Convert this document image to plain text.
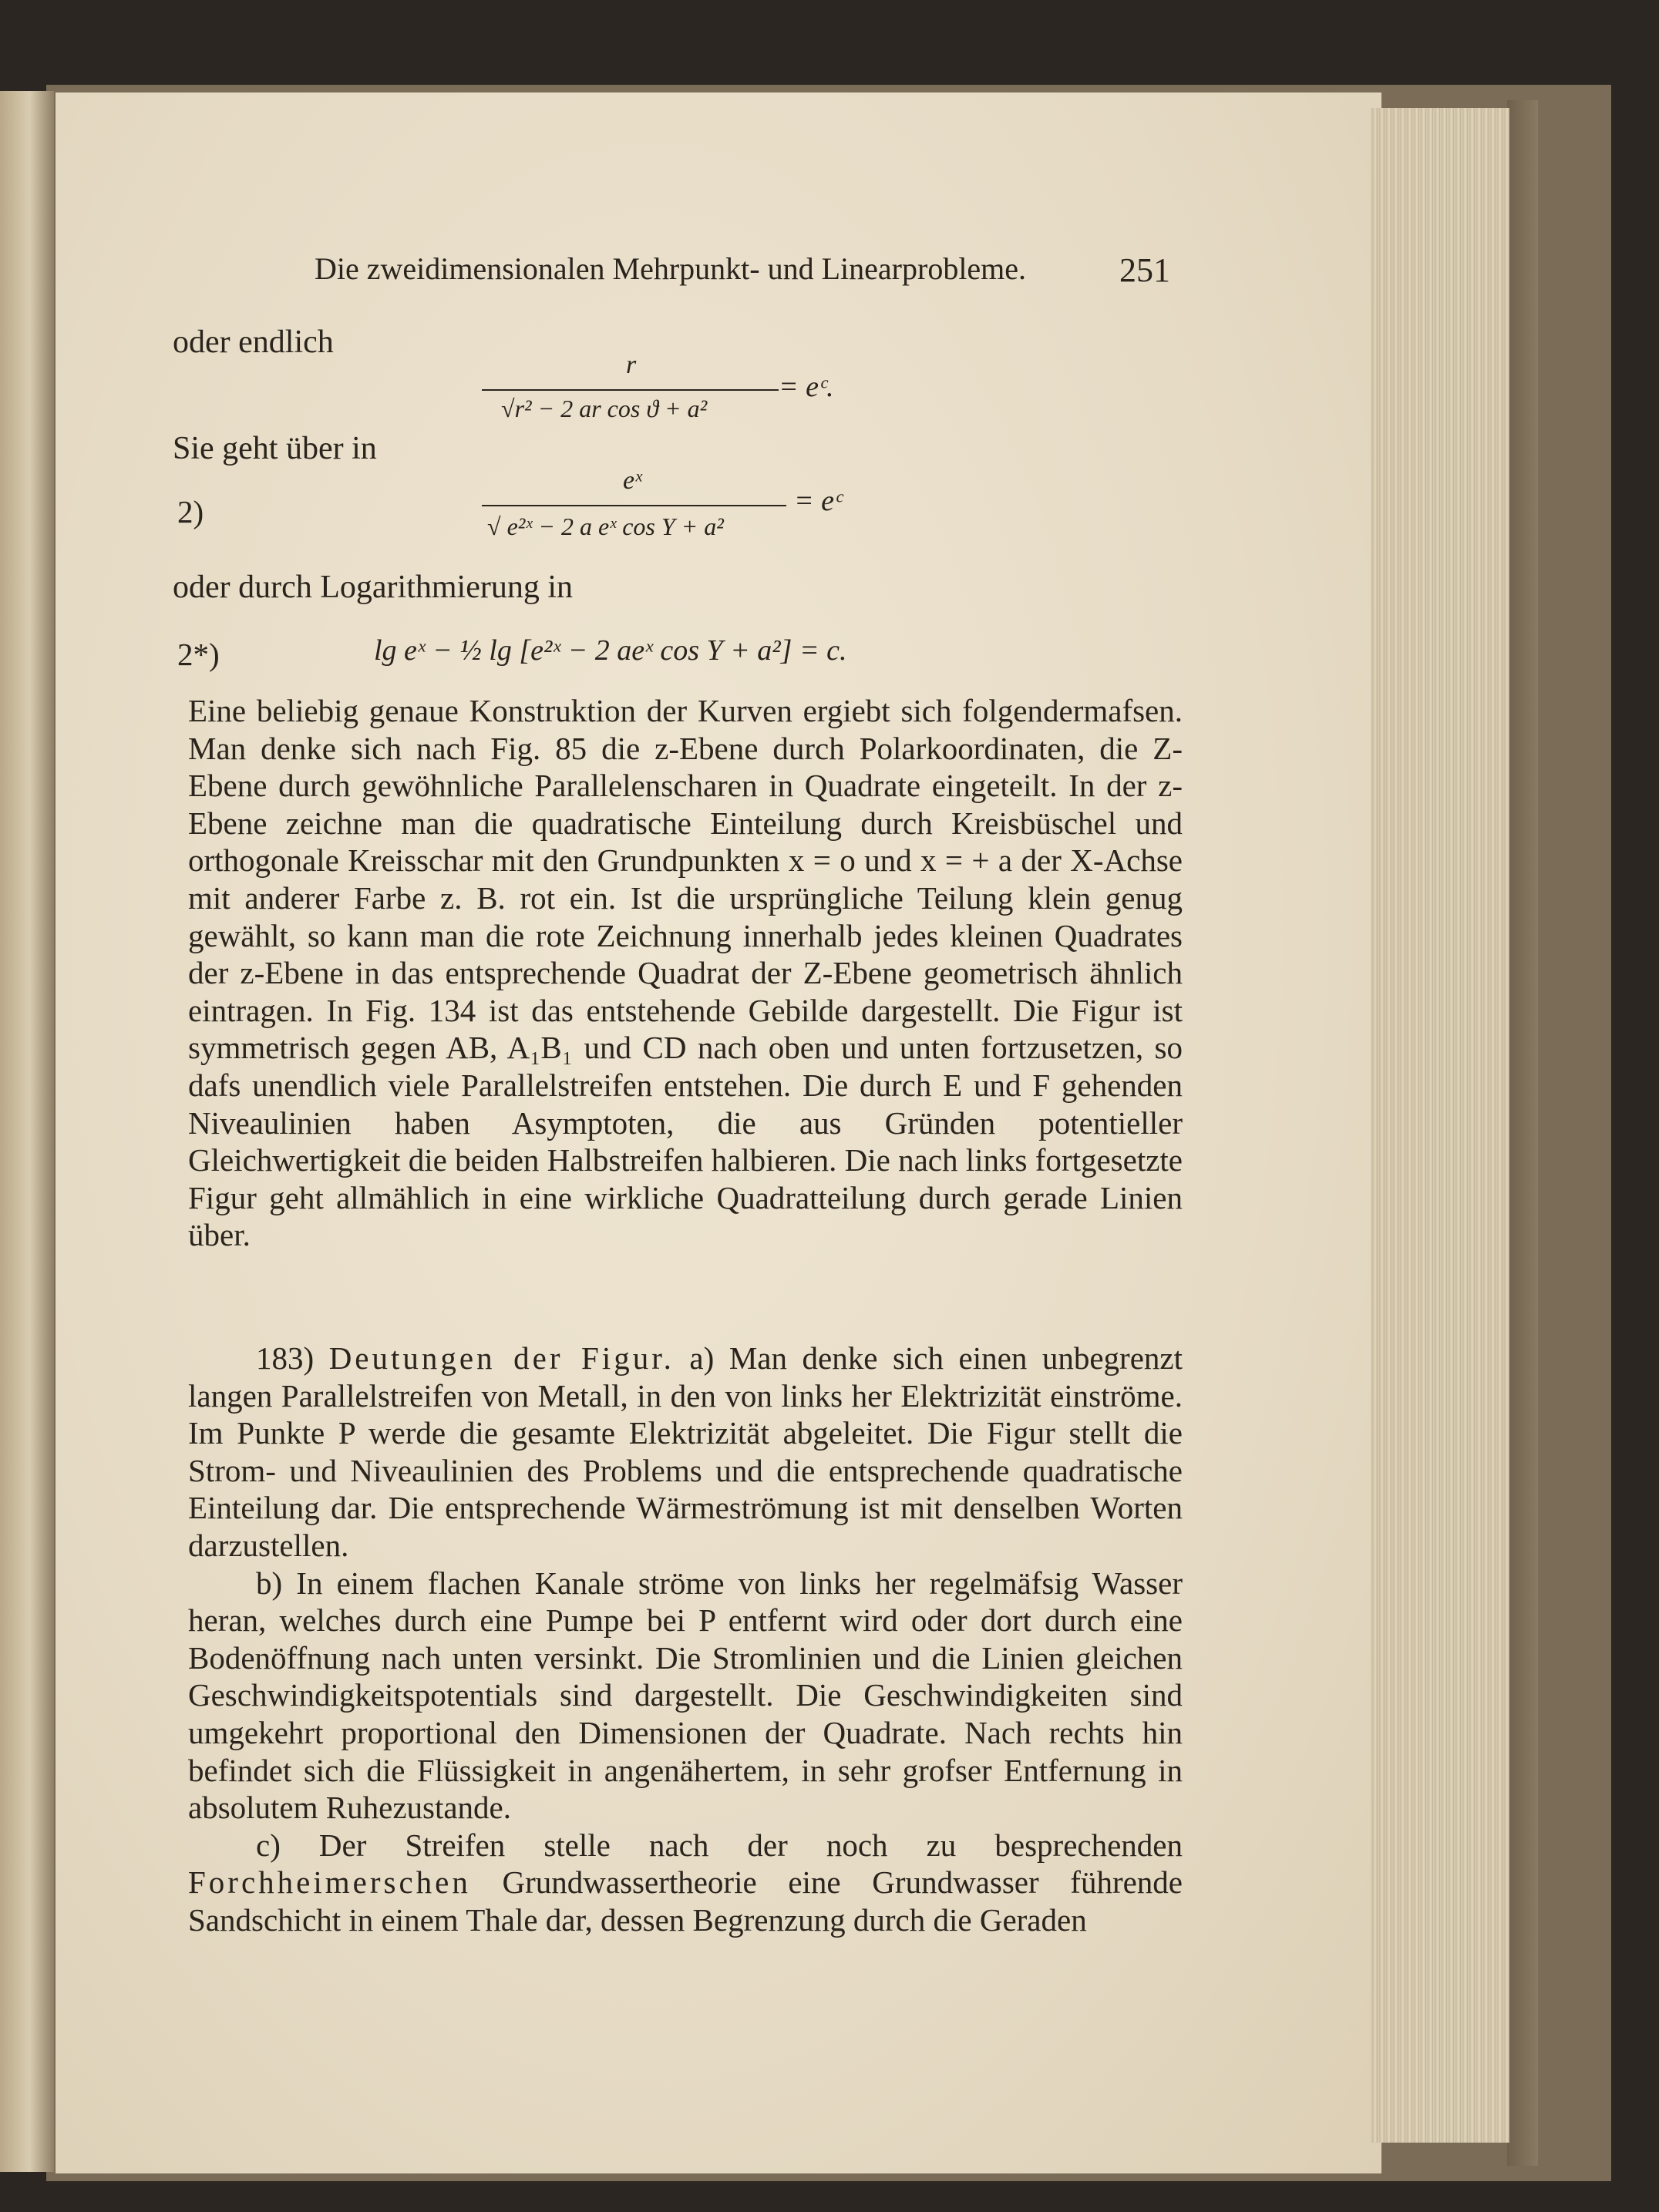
Die zweidimensionalen Mehrpunkt- und Linearprobleme.	251
oder endlich
r
√r² − 2 ar cos ϑ + a²
= eᶜ.
Sie geht über in
2)
eˣ
√ e²ˣ − 2 a eˣ cos Y + a²
= eᶜ
oder durch Logarithmierung in
2*)	lg eˣ − ½ lg [e²ˣ − 2 aeˣ cos Y + a²] = c.

Eine beliebig genaue Konstruktion der Kurven ergiebt sich folgendermafsen. Man denke sich nach Fig. 85 die z-Ebene durch Polarkoordinaten, die Z-Ebene durch gewöhnliche Parallelenscharen in Quadrate eingeteilt. In der z-Ebene zeichne man die quadratische Einteilung durch Kreisbüschel und orthogonale Kreisschar mit den Grundpunkten x = o und x = + a der X-Achse mit anderer Farbe z. B. rot ein. Ist die ursprüngliche Teilung klein genug gewählt, so kann man die rote Zeichnung innerhalb jedes kleinen Quadrates der z-Ebene in das entsprechende Quadrat der Z-Ebene geometrisch ähnlich eintragen. In Fig. 134 ist das entstehende Gebilde dargestellt. Die Figur ist symmetrisch gegen AB, A₁B₁ und CD nach oben und unten fortzusetzen, so dafs unendlich viele Parallelstreifen entstehen. Die durch E und F gehenden Niveaulinien haben Asymptoten, die aus Gründen potentieller Gleichwertigkeit die beiden Halbstreifen halbieren. Die nach links fortgesetzte Figur geht allmählich in eine wirkliche Quadratteilung durch gerade Linien über.

183) Deutungen der Figur. a) Man denke sich einen unbegrenzt langen Parallelstreifen von Metall, in den von links her Elektrizität einströme. Im Punkte P werde die gesamte Elektrizität abgeleitet. Die Figur stellt die Strom- und Niveaulinien des Problems und die entsprechende quadratische Einteilung dar. Die entsprechende Wärmeströmung ist mit denselben Worten darzustellen.

b) In einem flachen Kanale ströme von links her regelmäfsig Wasser heran, welches durch eine Pumpe bei P entfernt wird oder dort durch eine Bodenöffnung nach unten versinkt. Die Stromlinien und die Linien gleichen Geschwindigkeitspotentials sind dargestellt. Die Geschwindigkeiten sind umgekehrt proportional den Dimensionen der Quadrate. Nach rechts hin befindet sich die Flüssigkeit in angenähertem, in sehr grofser Entfernung in absolutem Ruhezustande.

c) Der Streifen stelle nach der noch zu besprechenden Forchheimerschen Grundwassertheorie eine Grundwasser führende Sandschicht in einem Thale dar, dessen Begrenzung durch die Geraden
